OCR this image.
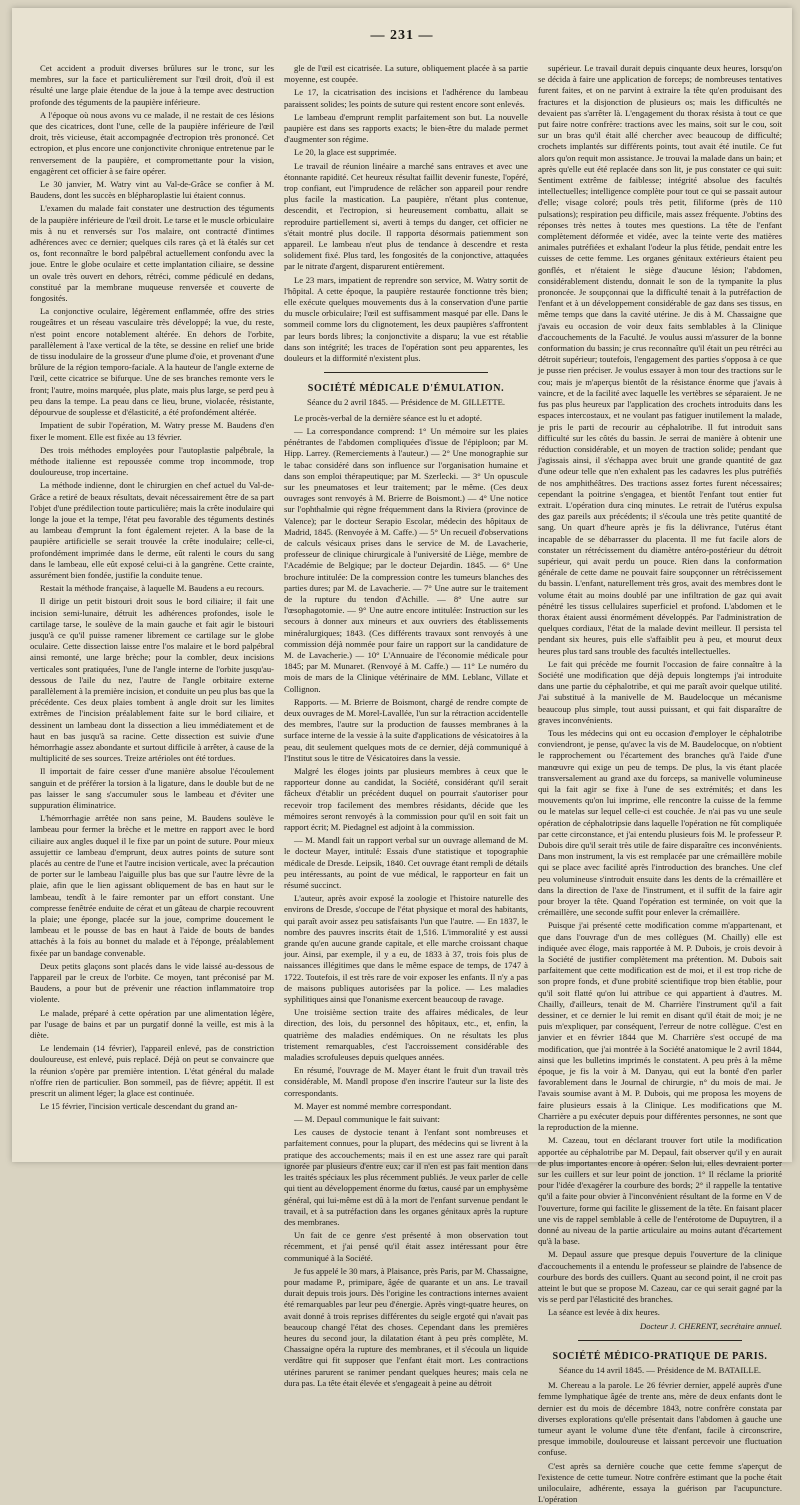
— 231 —

Cet accident a produit diverses brûlures sur le tronc, sur les membres, sur la face et particulièrement sur l'œil droit, d'où il est résulté une large plaie étendue de la joue à la tempe avec destruction profonde des téguments de la paupière inférieure.

A l'époque où nous avons vu ce malade, il ne restait de ces lésions que des cicatrices, dont l'une, celle de la paupière inférieure de l'œil droit, très vicieuse, était accompagnée d'ectropion très prononcé. Cet ectropion, et plus encore une conjonctivite chronique entretenue par le renversement de la paupière, et compromettante pour la vision, engagèrent cet officier à se faire opérer.

Le 30 janvier, M. Watry vint au Val-de-Grâce se confier à M. Baudens, dont les succès en blépharoplastie lui étaient connus.

L'examen du malade fait constater une destruction des téguments de la paupière inférieure de l'œil droit. Le tarse et le muscle orbiculaire mis à nu et renversés sur l'os malaire, ont contracté d'intimes adhérences avec ce dernier; quelques cils rares çà et là étalés sur cet os, font reconnaître le bord palpébral actuellement confondu avec la joue. Entre le globe oculaire et cette implantation ciliaire, se dessine un ovale très ouvert en dehors, rétréci, comme pédiculé en dedans, constitué par la membrane muqueuse renversée et couverte de fongosités.

La conjonctive oculaire, légèrement enflammée, offre des stries rougeâtres et un réseau vasculaire très développé; la vue, du reste, n'est point encore notablement altérée. En dehors de l'orbite, parallèlement à l'axe vertical de la tête, se dessine en relief une bride de tissu inodulaire de la grosseur d'une plume d'oie, et provenant d'une brûlure de la région temporo-faciale. A la hauteur de l'angle externe de l'œil, cette cicatrice se bifurque. Une de ses branches remonte vers le front; l'autre, moins marquée, plus plate, mais plus large, se perd peu à peu dans la tempe. La peau dans ce lieu, brune, violacée, résistante, dépourvue de souplesse et d'élasticité, a été profondément altérée.

Impatient de subir l'opération, M. Watry presse M. Baudens d'en fixer le moment. Elle est fixée au 13 février.

Des trois méthodes employées pour l'autoplastie palpébrale, la méthode italienne est repoussée comme trop incommode, trop douloureuse, trop incertaine.

La méthode indienne, dont le chirurgien en chef actuel du Val-de-Grâce a retiré de beaux résultats, devait nécessairement être de sa part l'objet d'une prédilection toute particulière; mais la crête inodulaire qui longe la joue et la tempe, l'état peu favorable des téguments destinés au lambeau d'emprunt la font également rejeter. A la base de la paupière artificielle se serait trouvée la crête inodulaire; celle-ci, profondément imprimée dans le derme, eût ralenti le cours du sang dans le lambeau, elle eût exposé celui-ci à la gangrène. Cette crainte, assurément bien fondée, justifie la conduite tenue.

Restait la méthode française, à laquelle M. Baudens a eu recours.

Il dirige un petit bistouri droit sous le bord ciliaire; il fait une incision semi-lunaire, détruit les adhérences profondes, isole le cartilage tarse, le soulève de la main gauche et fait agir le bistouri jusqu'à ce qu'il puisse ramener librement ce cartilage sur le globe oculaire. Cette dissection laisse entre l'os malaire et le bord palpébral ainsi remonté, une large brèche; pour la combler, deux incisions verticales sont pratiquées, l'une de l'angle interne de l'orbite jusqu'au-dessous de l'aile du nez, l'autre de l'angle orbitaire externe parallèlement à la première incision, et conduite un peu plus bas que la précédente. Ces deux plaies tombent à angle droit sur les limites extrêmes de l'incision préalablement faite sur le bord ciliaire, et dessinent un lambeau dont la dissection a lieu immédiatement et de haut en bas jusqu'à sa racine. Cette dissection est suivie d'une hémorrhagie assez abondante et surtout difficile à arrêter, à cause de la multiplicité de ses sources. Treize artérioles ont été tordues.

Il importait de faire cesser d'une manière absolue l'écoulement sanguin et de préférer la torsion à la ligature, dans le double but de ne pas laisser le sang s'accumuler sous le lambeau et d'éviter une suppuration éliminatrice.

L'hémorrhagie arrêtée non sans peine, M. Baudens soulève le lambeau pour fermer la brèche et le mettre en rapport avec le bord ciliaire aux angles duquel il le fixe par un point de suture. Pour mieux assujettir ce lambeau d'emprunt, deux autres points de suture sont placés au centre de l'une et l'autre incision verticale, avec la précaution de porter sur le lambeau l'aiguille plus bas que sur l'autre lèvre de la plaie, afin que le lien agissant obliquement de bas en haut sur le lambeau, tendît à le faire remonter par un effort constant. Une compresse fenêtrée enduite de cérat et un gâteau de charpie recouvrent la plaie; une éponge, placée sur la joue, comprime doucement le lambeau et le pousse de bas en haut à l'aide de bouts de bandes attachés à la fois au bonnet du malade et à l'éponge, préalablement fixée par un bandage convenable.

Deux petits glaçons sont placés dans le vide laissé au-dessous de l'appareil par le creux de l'orbite. Ce moyen, tant préconisé par M. Baudens, a pour but de prévenir une réaction inflammatoire trop violente.

Le malade, préparé à cette opération par une alimentation légère, par l'usage de bains et par un purgatif donné la veille, est mis à la diète.

Le lendemain (14 février), l'appareil enlevé, pas de constriction douloureuse, est enlevé, puis replacé. Déjà on peut se convaincre que la réunion s'opère par première intention. L'état général du malade n'offre rien de particulier. Bon sommeil, pas de fièvre; appétit. Il est prescrit un aliment léger; la glace est continuée.

Le 15 février, l'incision verticale descendant du grand an-

gle de l'œil est cicatrisée. La suture, obliquement placée à sa partie moyenne, est coupée.

Le 17, la cicatrisation des incisions et l'adhérence du lambeau paraissent solides; les points de suture qui restent encore sont enlevés.

Le lambeau d'emprunt remplit parfaitement son but. La nouvelle paupière est dans ses rapports exacts; le bien-être du malade permet d'augmenter son régime.

Le 20, la glace est supprimée.

Le travail de réunion linéaire a marché sans entraves et avec une étonnante rapidité. Cet heureux résultat faillit devenir funeste, l'opéré, trop confiant, eut l'imprudence de relâcher son appareil pour rendre plus facile la mastication. La paupière, n'étant plus contenue, descendit, et l'ectropion, si heureusement combattu, allait se reproduire partiellement si, averti à temps du danger, cet officier ne s'était montré plus docile. Il rapporta désormais patiemment son appareil. Le lambeau n'eut plus de tendance à descendre et resta solidement fixé. Plus tard, les fongosités de la conjonctive, attaquées par le nitrate d'argent, disparurent entièrement.

Le 23 mars, impatient de reprendre son service, M. Watry sortit de l'hôpital. A cette époque, la paupière restaurée fonctionne très bien; elle exécute quelques mouvements dus à la conservation d'une partie du muscle orbiculaire; l'œil est suffisamment masqué par elle. Dans le sommeil comme lors du clignotement, les deux paupières s'affrontent par leurs bords libres; la conjonctivite a disparu; la vue est rétablie dans son intégrité; les traces de l'opération sont peu apparentes, les douleurs et la difformité n'existent plus.

SOCIÉTÉ MÉDICALE D'ÉMULATION.
Séance du 2 avril 1845. — Présidence de M. GILLETTE.

Le procès-verbal de la dernière séance est lu et adopté.

— La correspondance comprend: 1° Un mémoire sur les plaies pénétrantes de l'abdomen compliquées d'issue de l'épiploon; par M. Hipp. Larrey. (Remerciements à l'auteur.) — 2° Une monographie sur le tabac considéré dans son influence sur l'organisation humaine et dans son emploi thérapeutique; par M. Szerlecki. — 3° Un opuscule sur les pneumatoses et leur traitement; par le même. (Ces deux ouvrages sont renvoyés à M. Brierre de Boismont.) — 4° Une notice sur l'ophthalmie qui règne fréquemment dans la Riviera (province de Valence); par le docteur Serapio Escolar, médecin des hôpitaux de Madrid, 1845. (Renvoyée à M. Caffe.) — 5° Un recueil d'observations de calculs vésicaux prises dans le service de M. de Lavacherie, professeur de clinique chirurgicale à l'université de Liège, membre de l'Académie de Belgique; par le docteur Dejardin. 1845. — 6° Une brochure intitulée: De la compression contre les tumeurs blanches des parties dures; par M. de Lavacherie. — 7° Une autre sur le traitement de la rupture du tendon d'Achille. — 8° Une autre sur l'œsophagotomie. — 9° Une autre encore intitulée: Instruction sur les secours à donner aux mineurs et aux ouvriers des établissements minéralurgiques; 1843. (Ces différents travaux sont renvoyés à une commission déjà nommée pour faire un rapport sur la candidature de M. de Lavacherie.) — 10° L'Annuaire de l'économie médicale pour 1845; par M. Munaret. (Renvoyé à M. Caffe.) — 11° Le numéro du mois de mars de la Clinique vétérinaire de MM. Leblanc, Villate et Collignon.

Rapports. — M. Brierre de Boismont, chargé de rendre compte de deux ouvrages de M. Morel-Lavallée, l'un sur la rétraction accidentelle des membres, l'autre sur la production de fausses membranes à la surface interne de la vessie à la suite d'applications de vésicatoires à la peau, dit seulement quelques mots de ce dernier, déjà communiqué à l'Institut sous le titre de Vésicatoires dans la vessie.

Malgré les éloges joints par plusieurs membres à ceux que le rapporteur donne au candidat, la Société, considérant qu'il serait fâcheux d'établir un précédent duquel on pourrait s'autoriser pour recevoir trop facilement des membres résidants, décide que les mémoires seront renvoyés à la commission pour qu'il en soit fait un rapport écrit; M. Piedagnel est adjoint à la commission.

— M. Mandl fait un rapport verbal sur un ouvrage allemand de M. le docteur Mayer, intitulé: Essais d'une statistique et topographie médicale de Dresde. Leipsik, 1840. Cet ouvrage étant rempli de détails peu intéressants, au point de vue médical, le rapporteur en fait un résumé succinct.

L'auteur, après avoir exposé la zoologie et l'histoire naturelle des environs de Dresde, s'occupe de l'état physique et moral des habitants, qui paraît avoir assez peu satisfaisants l'un que l'autre. — En 1837, le nombre des pauvres inscrits était de 1,516. L'immoralité y est aussi grande qu'en aucune grande capitale, et elle marche croissant chaque jour. Ainsi, par exemple, il y a eu, de 1833 à 37, trois fois plus de naissances illégitimes que dans le même espace de temps, de 1747 à 1722. Toutefois, il est très rare de voir exposer les enfants. Il n'y a pas de maisons publiques autorisées par la police. — Les maladies syphilitiques ainsi que l'onanisme exercent beaucoup de ravage.

Une troisième section traite des affaires médicales, de leur direction, des lois, du personnel des hôpitaux, etc., et, enfin, la quatrième des maladies endémiques. On ne résultats les plus tristement remarquables, c'est l'accroissement considérable des maladies scrofuleuses depuis quelques années.

En résumé, l'ouvrage de M. Mayer étant le fruit d'un travail très considérable, M. Mandl propose d'en inscrire l'auteur sur la liste des correspondants.

M. Mayer est nommé membre correspondant.

— M. Depaul communique le fait suivant:

Les causes de dystocie tenant à l'enfant sont nombreuses et parfaitement connues, pour la plupart, des médecins qui se livrent à la pratique des accouchements; mais il en est une assez rare qui paraît ignorée par plusieurs d'entre eux; car il n'en est pas fait mention dans les traités spéciaux les plus récemment publiés. Je veux parler de celle qui tient au développement énorme du fœtus, causé par un emphysème général, qui lui-même est dû à la mort de l'enfant survenue pendant le travail, et à sa putréfaction dans les organes génitaux après la rupture des membranes.

Un fait de ce genre s'est présenté à mon observation tout récemment, et j'ai pensé qu'il était assez intéressant pour être communiqué à la Société.

Je fus appelé le 30 mars, à Plaisance, près Paris, par M. Chassaigne, pour madame P., primipare, âgée de quarante et un ans. Le travail durait depuis trois jours. Dès l'origine les contractions internes avaient été remarquables par leur peu d'énergie. Après vingt-quatre heures, on avait donné à trois reprises différentes du seigle ergoté qui n'avait pas beaucoup changé l'état des choses. Cependant dans les premières heures du second jour, la dilatation étant à peu près complète, M. Chassaigne opéra la rupture des membranes, et il s'écoula un liquide verdâtre qui fit supposer que l'enfant était mort. Les contractions utérines parurent se ranimer pendant quelques heures; mais cela ne dura pas. La tête était élevée et s'engageait à peine au détroit

supérieur. Le travail durait depuis cinquante deux heures, lorsqu'on se décida à faire une application de forceps; de nombreuses tentatives furent faites, et on ne parvint à extraire la tête qu'en produisant des fractures et la disjonction de plusieurs os; mais les difficultés ne devaient pas s'arrêter là. L'engagement du thorax résista à tout ce que put faire notre confrère: tractions avec les mains, soit sur le cou, soit sur un bras qu'il était allé chercher avec beaucoup de difficulté; crochets implantés sur différents points, tout avait été inutile. Ce fut alors qu'on requit mon assistance. Je trouvai la malade dans un bain; et après qu'elle eut été replacée dans son lit, je pus constater ce qui suit: Sentiment extrême de faiblesse; intégrité absolue des facultés intellectuelles; intelligence complète pour tout ce qui se passait autour d'elle; visage coloré; pouls très petit, filiforme (près de 110 pulsations); respiration peu difficile, mais assez fréquente. J'obtins des réponses très nettes à toutes mes questions. La tête de l'enfant complètement déformée et vidée, avec la teinte verte des matières animales putréfiées et exhalant l'odeur la plus fétide, pendait entre les cuisses de cette femme. Les organes génitaux extérieurs étaient peu gonflés, et n'étaient le siège d'aucune lésion; l'abdomen, considérablement distendu, donnait le son de la tympanite la plus prononcée. Je soupçonnai que la difficulté tenait à la putréfaction de l'enfant et à un développement considérable de gaz dans ses tissus, en même temps que dans la cavité utérine. Je dis à M. Chassaigne que j'avais eu occasion de voir deux faits semblables à la Clinique d'accouchements de la Faculté. Je voulus aussi m'assurer de la bonne conformation du bassin; je crus reconnaître qu'il était un peu rétréci au détroit supérieur; toutefois, l'engagement des parties s'opposa à ce que je pusse rien préciser. Je voulus essayer à mon tour des tractions sur le cou; mais je m'aperçus bientôt de la résistance énorme que j'avais à vaincre, et de la facilité avec laquelle les vertèbres se séparaient. Je ne fus pas plus heureux par l'application des crochets introduits dans les espaces intercostaux, et ne voulant pas fatiguer inutilement la malade, je pris le parti de recourir au céphalotribe. Il fut introduit sans difficulté sur les côtés du bassin. Je serrai de manière à obtenir une réduction considérable, et un moyen de traction solide; pendant que j'agissais ainsi, il s'échappa avec bruit une grande quantité de gaz d'une odeur telle que n'en exhalent pas les cadavres les plus putréfiés de nos amphithéâtres. Des tractions assez fortes furent nécessaires; cependant la poitrine s'engagea, et bientôt l'enfant tout entier fut extrait. L'opération dura cinq minutes. Le retrait de l'utérus expulsa des gaz pareils aux précédents; il s'écoula une très petite quantité de sang. Un quart d'heure après je fis la délivrance, l'utérus étant incapable de se débarrasser du placenta. Il me fut facile alors de constater un rétrécissement du diamètre antéro-postérieur du détroit supérieur, qui avait perdu un pouce. Rien dans la conformation générale de cette dame ne pouvait faire soupçonner un rétrécissement du bassin. L'enfant, naturellement très gros, avait des membres dont le volume était au moins doublé par une infiltration de gaz qui avait pénétré les tissus cellulaires superficiel et profond. L'abdomen et le thorax étaient aussi énormément développés. Par l'administration de quelques cordiaux, l'état de la malade devint meilleur. Il persista tel pendant six heures, puis elle s'affaiblit peu à peu, et mourut deux heures plus tard sans trouble des facultés intellectuelles.

Le fait qui précède me fournit l'occasion de faire connaître à la Société une modification que déjà depuis longtemps j'ai introduite dans une partie du céphalotribe, et qui me paraît avoir quelque utilité. J'ai substitué à la manivelle de M. Baudelocque un mécanisme beaucoup plus simple, tout aussi puissant, et qui fait disparaître de graves inconvénients.

Tous les médecins qui ont eu occasion d'employer le céphalotribe conviendront, je pense, qu'avec la vis de M. Baudelocque, on n'obtient le rapprochement ou l'écartement des branches qu'à l'aide d'une manœuvre qui exige un peu de temps. De plus, la vis étant placée transversalement au grand axe du forceps, sa manivelle volumineuse qui la fait agir se fixe à l'une de ses extrémités; et dans les mouvements qu'on lui imprime, elle rencontre la cuisse de la femme ou le matelas sur lequel celle-ci est couchée. Je n'ai pas vu une seule opération de céphalotripsie dans laquelle l'opération ne fût compliquée par cette circonstance, et j'ai entendu plusieurs fois M. le professeur P. Dubois dire qu'il serait très utile de faire disparaître ces inconvénients. Dans mon instrument, la vis est remplacée par une crémaillère mobile qui se place avec facilité après l'introduction des branches. Une clef peu volumineuse s'introduit ensuite dans les dents de la crémaillère et dans la direction de l'axe de l'instrument, et il suffit de la faire agir pour broyer la tête. Quand l'opération est terminée, on voit que la crémaillère, une seconde suffit pour enlever la crémaillère.

Puisque j'ai présenté cette modification comme m'appartenant, et que dans l'ouvrage d'un de mes collègues (M. Chailly) elle est indiquée avec éloge, mais rapportée à M. P. Dubois, je crois devoir à la Société de justifier complètement ma prétention. M. Dubois sait parfaitement que cette modification est de moi, et il est trop riche de son propre fonds, et d'une probité scientifique trop bien établie, pour qu'il soit flatté qu'on lui attribue ce qui appartient à d'autres. M. Chailly, d'ailleurs, tenait de M. Charrière l'instrument qu'il a fait dessiner, et ce dernier le lui remit en disant qu'il était de moi; je ne puis m'expliquer, par conséquent, l'erreur de notre collègue. C'est en janvier et en février 1844 que M. Charrière s'est occupé de ma modification, que j'ai montrée à la Société anatomique le 2 avril 1844, ainsi que les bulletins imprimés le constatent. A peu près à la même époque, je fis la voir à M. Danyau, qui eut la bonté d'en parler favorablement dans le Journal de chirurgie, n° du mois de mai. Je l'avais soumise avant à M. P. Dubois, qui me proposa les moyens de faire plusieurs essais à la Clinique. Les modifications que M. Charrière a pu exécuter depuis pour différentes personnes, ne sont que la reproduction de la mienne.

M. Cazeau, tout en déclarant trouver fort utile la modification apportée au céphalotribe par M. Depaul, fait observer qu'il y en aurait de plus importantes encore à opérer. Selon lui, elles devraient porter sur les cuillers et sur leur point de jonction. 1° Il réclame la priorité pour l'idée d'exagérer la courbure des bords; 2° il rappelle la tentative qu'il a faite pour obvier à l'inconvénient résultant de la forme en V de l'ouverture, forme qui facilite le glissement de la tête. En faisant placer une vis de rappel semblable à celle de l'entérotome de Dupuytren, il a donné au niveau de la partie articulaire au moins autant d'écartement qu'à la base.

M. Depaul assure que presque depuis l'ouverture de la clinique d'accouchements il a entendu le professeur se plaindre de l'absence de courbure des bords des cuillers. Quant au second point, il ne croit pas atteint le but que se propose M. Cazeau, car ce qui serait gagné par la vis se perd par l'élasticité des branches.

La séance est levée à dix heures.

Docteur J. CHERENT, secrétaire annuel.
SOCIÉTÉ MÉDICO-PRATIQUE DE PARIS.
Séance du 14 avril 1845. — Présidence de M. BATAILLE.

M. Chereau a la parole. Le 26 février dernier, appelé auprès d'une femme lymphatique âgée de trente ans, mère de deux enfants dont le dernier est du mois de décembre 1843, notre confrère constata par diverses explorations qu'elle présentait dans l'abdomen à gauche une tumeur ayant le volume d'une tête d'enfant, facile à circonscrire, presque immobile, douloureuse et laissant percevoir une fluctuation confuse.

C'est après sa dernière couche que cette femme s'aperçut de l'existence de cette tumeur. Notre confrère estimant que la poche était uniloculaire, adhérente, essaya la guérison par l'acupuncture. L'opération
